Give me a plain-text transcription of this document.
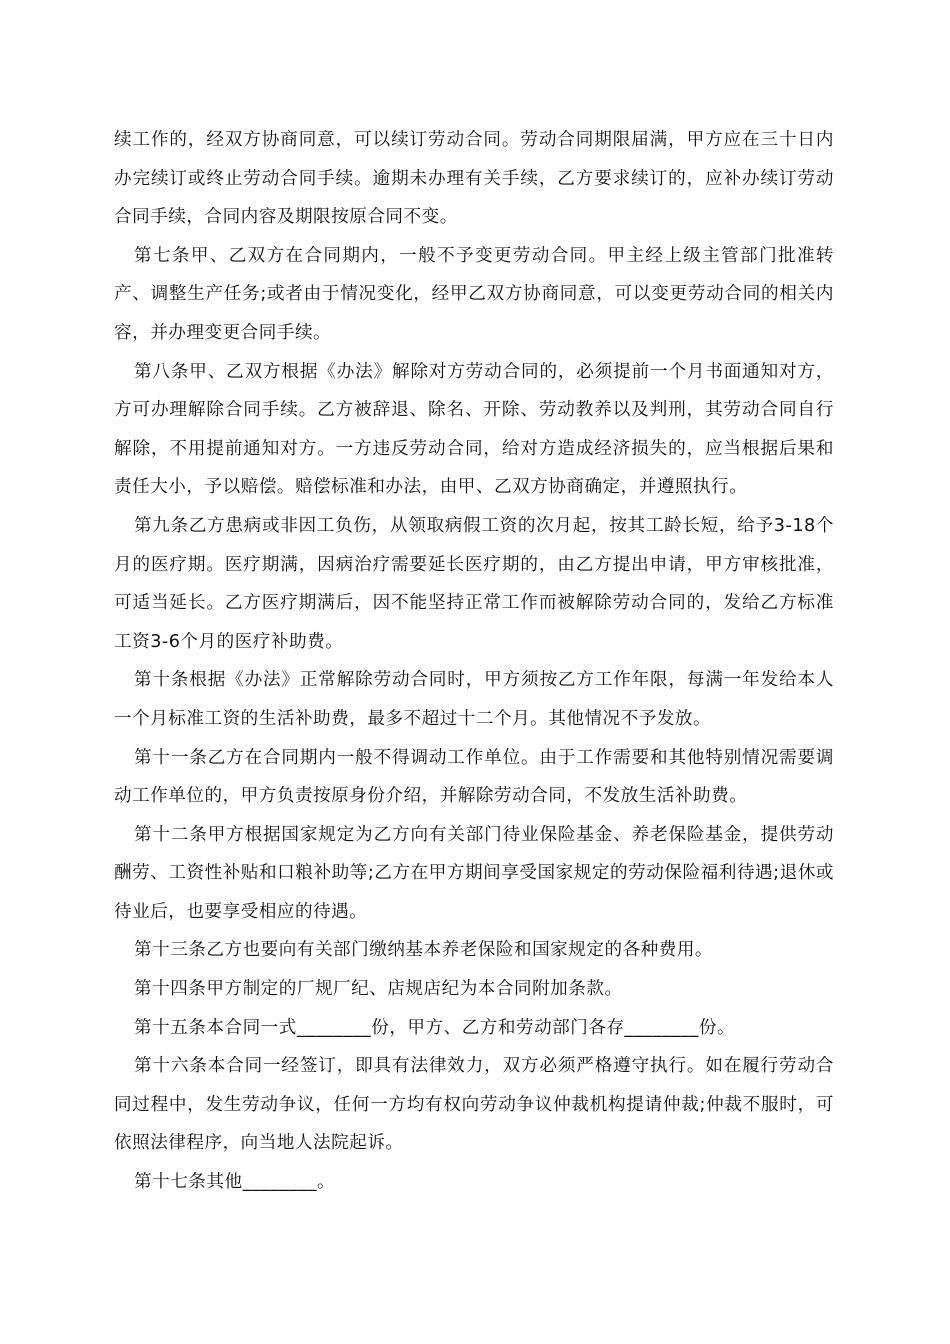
续工作的，经双方协商同意，可以续订劳动合同。劳动合同期限届满，甲方应在三十日内办完续订或终止劳动合同手续。逾期未办理有关手续，乙方要求续订的，应补办续订劳动合同手续，合同内容及期限按原合同不变。

第七条甲、乙双方在合同期内，一般不予变更劳动合同。甲主经上级主管部门批准转产、调整生产任务;或者由于情况变化，经甲乙双方协商同意，可以变更劳动合同的相关内容，并办理变更合同手续。

第八条甲、乙双方根据《办法》解除对方劳动合同的，必须提前一个月书面通知对方，方可办理解除合同手续。乙方被辞退、除名、开除、劳动教养以及判刑，其劳动合同自行解除，不用提前通知对方。一方违反劳动合同，给对方造成经济损失的，应当根据后果和责任大小，予以赔偿。赔偿标准和办法，由甲、乙双方协商确定，并遵照执行。

第九条乙方患病或非因工负伤，从领取病假工资的次月起，按其工龄长短，给予3-18个月的医疗期。医疗期满，因病治疗需要延长医疗期的，由乙方提出申请，甲方审核批准，可适当延长。乙方医疗期满后，因不能坚持正常工作而被解除劳动合同的，发给乙方标准工资3-6个月的医疗补助费。

第十条根据《办法》正常解除劳动合同时，甲方须按乙方工作年限，每满一年发给本人一个月标准工资的生活补助费，最多不超过十二个月。其他情况不予发放。

第十一条乙方在合同期内一般不得调动工作单位。由于工作需要和其他特别情况需要调动工作单位的，甲方负责按原身份介绍，并解除劳动合同，不发放生活补助费。

第十二条甲方根据国家规定为乙方向有关部门待业保险基金、养老保险基金，提供劳动酬劳、工资性补贴和口粮补助等;乙方在甲方期间享受国家规定的劳动保险福利待遇;退休或待业后，也要享受相应的待遇。

第十三条乙方也要向有关部门缴纳基本养老保险和国家规定的各种费用。

第十四条甲方制定的厂规厂纪、店规店纪为本合同附加条款。

第十五条本合同一式________份，甲方、乙方和劳动部门各存________份。

第十六条本合同一经签订，即具有法律效力，双方必须严格遵守执行。如在履行劳动合同过程中，发生劳动争议，任何一方均有权向劳动争议仲裁机构提请仲裁;仲裁不服时，可依照法律程序，向当地人法院起诉。

第十七条其他________。
